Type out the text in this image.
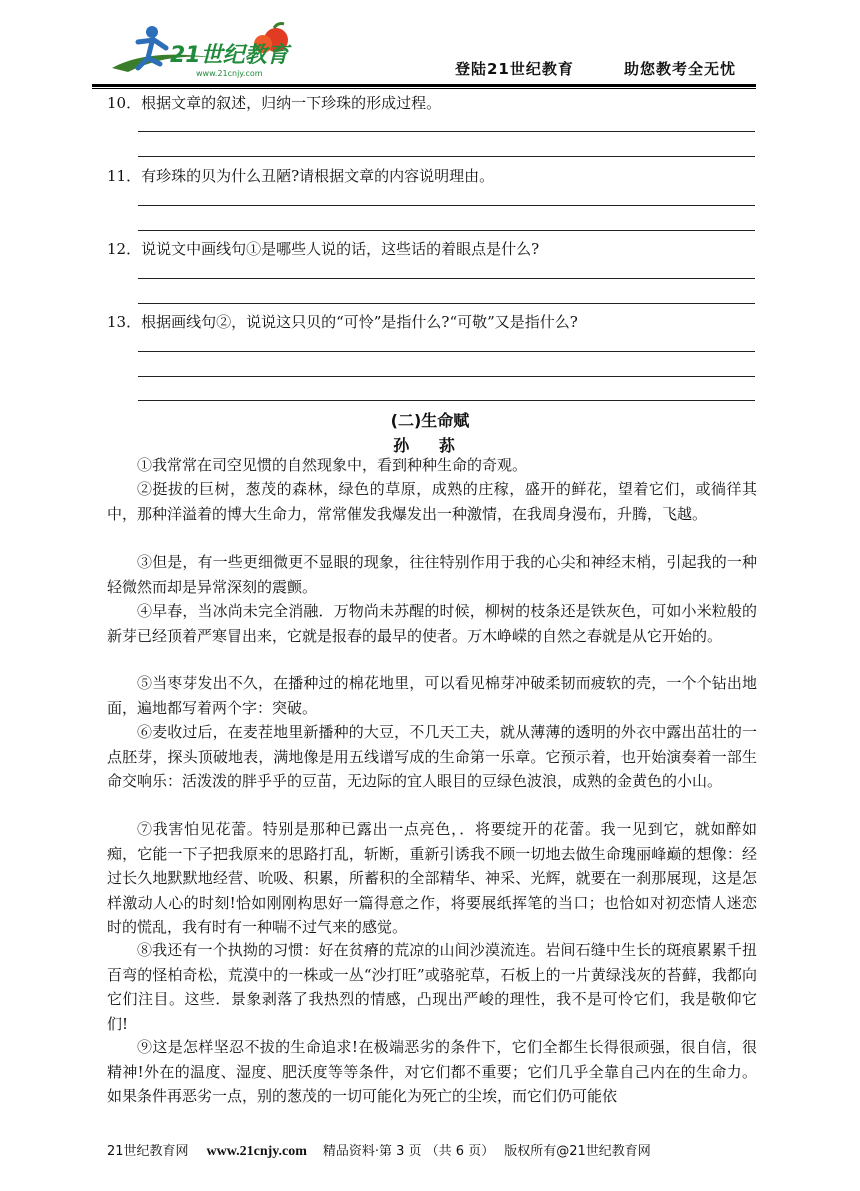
21世纪教育
www.21cnjy.com	登陆21世纪教育	助您教考全无忧
10．根据文章的叙述，归纳一下珍珠的形成过程。
11．有珍珠的贝为什么丑陋?请根据文章的内容说明理由。
12．说说文中画线句①是哪些人说的话，这些话的着眼点是什么?
13．根据画线句②，说说这只贝的“可怜”是指什么?“可敬”又是指什么?
(二)生命赋
孙 荪

①我常常在司空见惯的自然现象中，看到种种生命的奇观。

②挺拔的巨树，葱茂的森林，绿色的草原，成熟的庄稼，盛开的鲜花，望着它们，或徜徉其中，那种洋溢着的博大生命力，常常催发我爆发出一种激情，在我周身漫布，升腾，飞越。

③但是，有一些更细微更不显眼的现象，往往特别作用于我的心尖和神经末梢，引起我的一种轻微然而却是异常深刻的震颤。

④早春，当冰尚未完全消融．万物尚未苏醒的时候，柳树的枝条还是铁灰色，可如小米粒般的新芽已经顶着严寒冒出来，它就是报春的最早的使者。万木峥嵘的自然之春就是从它开始的。

⑤当枣芽发出不久，在播种过的棉花地里，可以看见棉芽冲破柔韧而疲软的壳，一个个钻出地面，遍地都写着两个字：突破。

⑥麦收过后，在麦茬地里新播种的大豆，不几天工夫，就从薄薄的透明的外衣中露出茁壮的一点胚芽，探头顶破地表，满地像是用五线谱写成的生命第一乐章。它预示着，也开始演奏着一部生命交响乐：活泼泼的胖乎乎的豆苗，无边际的宜人眼目的豆绿色波浪，成熟的金黄色的小山。

⑦我害怕见花蕾。特别是那种已露出一点亮色，．将要绽开的花蕾。我一见到它，就如醉如痴，它能一下子把我原来的思路打乱，斩断，重新引诱我不顾一切地去做生命瑰丽峰巅的想像：经过长久地默默地经营、吮吸、积累，所蓄积的全部精华、神采、光辉，就要在一刹那展现，这是怎样激动人心的时刻!恰如刚刚构思好一篇得意之作，将要展纸挥笔的当口；也恰如对初恋情人迷恋时的慌乱，我有时有一种喘不过气来的感觉。

⑧我还有一个执拗的习惯：好在贫瘠的荒凉的山间沙漠流连。岩间石缝中生长的斑痕累累千扭百弯的怪柏奇松，荒漠中的一株或一丛“沙打旺”或骆驼草，石板上的一片黄绿浅灰的苔藓，我都向它们注目。这些．景象剥落了我热烈的情感，凸现出严峻的理性，我不是可怜它们，我是敬仰它们!

⑨这是怎样坚忍不拔的生命追求!在极端恶劣的条件下，它们全都生长得很顽强，很自信，很精神!外在的温度、湿度、肥沃度等等条件，对它们都不重要；它们几乎全靠自己内在的生命力。如果条件再恶劣一点，别的葱茂的一切可能化为死亡的尘埃，而它们仍可能依

21世纪教育网 www.21cnjy.com 精品资料·第 3 页 （共 6 页） 版权所有@21世纪教育网
